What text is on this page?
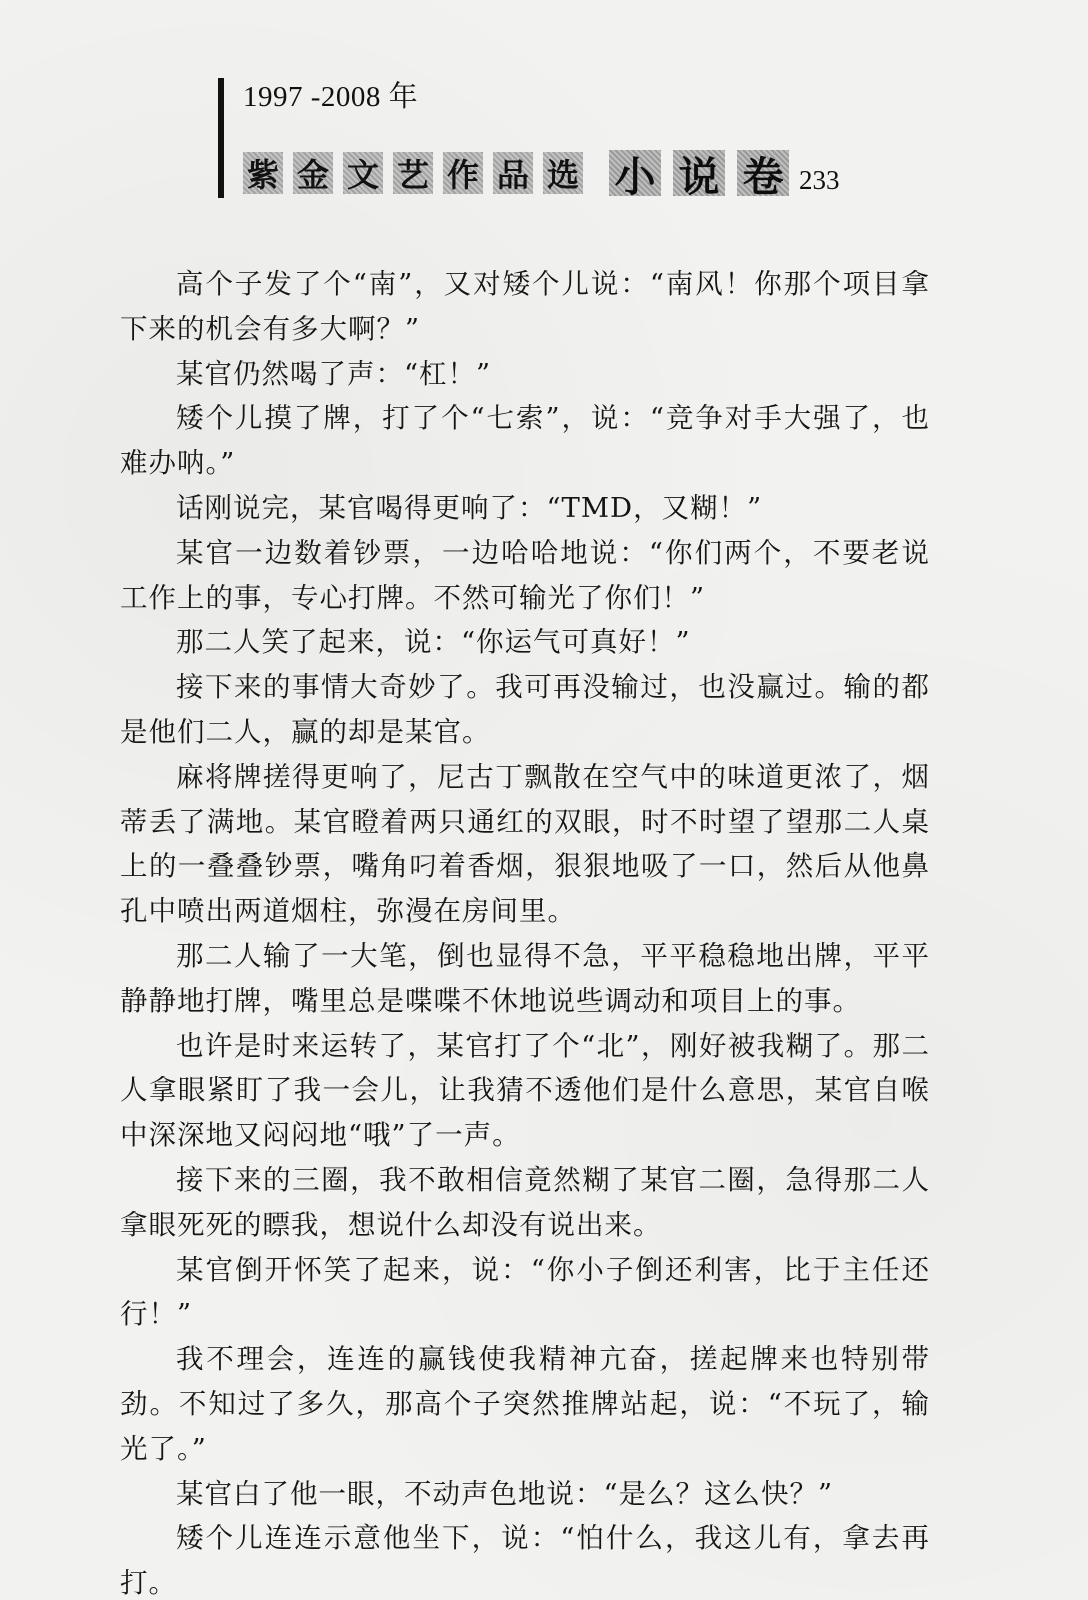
1997 -2008 年
紫 金 文 艺 作 品 选 小 说 卷 233

高个子发了个“南”，又对矮个儿说：“南风！你那个项目拿下来的机会有多大啊？”

某官仍然喝了声：“杠！”

矮个儿摸了牌，打了个“七索”，说：“竞争对手大强了，也难办呐。”

话刚说完，某官喝得更响了：“TMD，又糊！”

某官一边数着钞票，一边哈哈地说：“你们两个，不要老说工作上的事，专心打牌。不然可输光了你们！”

那二人笑了起来，说：“你运气可真好！”

接下来的事情大奇妙了。我可再没输过，也没赢过。输的都是他们二人，赢的却是某官。

麻将牌搓得更响了，尼古丁飘散在空气中的味道更浓了，烟蒂丢了满地。某官瞪着两只通红的双眼，时不时望了望那二人桌上的一叠叠钞票，嘴角叼着香烟，狠狠地吸了一口，然后从他鼻孔中喷出两道烟柱，弥漫在房间里。

那二人输了一大笔，倒也显得不急，平平稳稳地出牌，平平静静地打牌，嘴里总是喋喋不休地说些调动和项目上的事。

也许是时来运转了，某官打了个“北”，刚好被我糊了。那二人拿眼紧盯了我一会儿，让我猜不透他们是什么意思，某官自喉中深深地又闷闷地“哦”了一声。

接下来的三圈，我不敢相信竟然糊了某官二圈，急得那二人拿眼死死的瞟我，想说什么却没有说出来。

某官倒开怀笑了起来，说：“你小子倒还利害，比于主任还行！”

我不理会，连连的赢钱使我精神亢奋，搓起牌来也特别带劲。不知过了多久，那高个子突然推牌站起，说：“不玩了，输光了。”

某官白了他一眼，不动声色地说：“是么？这么快？”

矮个儿连连示意他坐下，说：“怕什么，我这儿有，拿去再打。
